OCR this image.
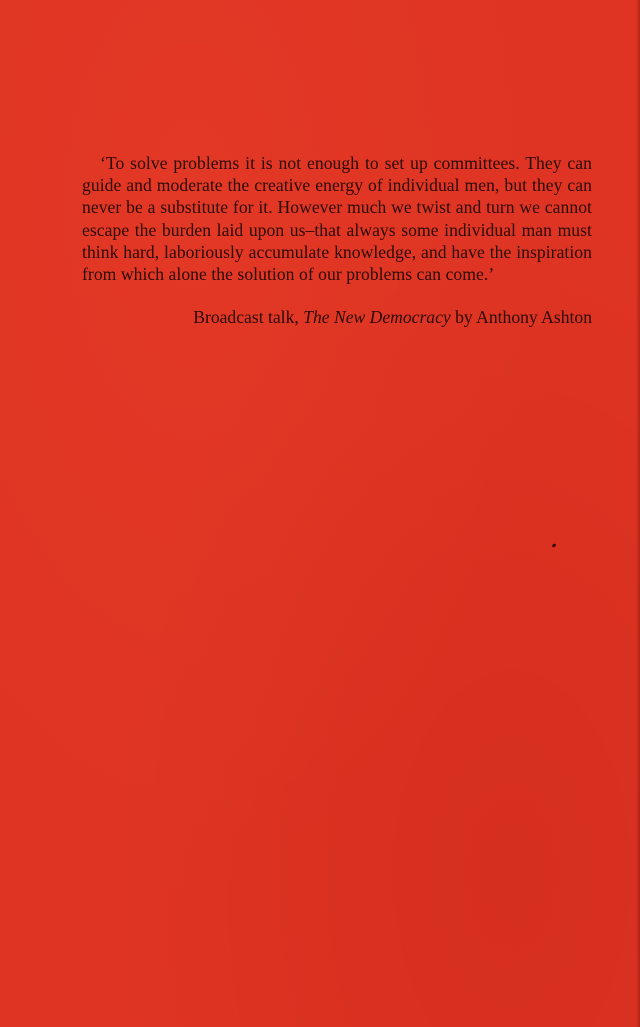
‘To solve problems it is not enough to set up committees. They can guide and moderate the creative energy of individual men, but they can never be a substitute for it. However much we twist and turn we cannot escape the burden laid upon us–that always some individual man must think hard, laboriously accumulate knowledge, and have the inspiration from which alone the solution of our problems can come.’

Broadcast talk, The New Democracy by Anthony Ashton
